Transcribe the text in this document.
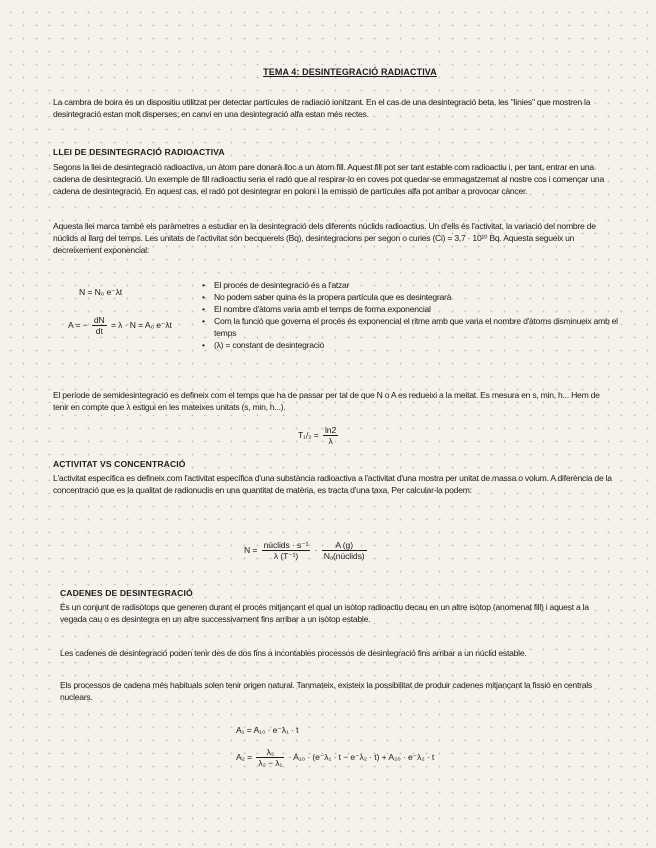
TEMA 4: DESINTEGRACIÓ RADIACTIVA

La cambra de boira és un dispositiu utilitzat per detectar partícules de radiació ionitzant. En el cas de una desintegració beta, les "línies" que mostren la desintegració estan molt disperses; en canvi en una desintegració alfa estan més rectes.

LLEI DE DESINTEGRACIÓ RADIOACTIVA

Segons la llei de desintegració radioactiva, un àtom pare donarà lloc a un àtom fill. Aquest fill pot ser tant estable com radioactiu i, per tant, entrar en una cadena de desintegració. Un exemple de fill radioactiu seria el radó que al respirar-lo en coves pot quedar-se emmagatzemat al nostre cos i començar una cadena de desintegració. En aquest cas, el radó pot desintegrar en poloni i la emissió de partícules alfa pot arribar a provocar càncer.

Aquesta llei marca també els paràmetres a estudiar en la desintegració dels diferents núclids radioactius. Un d'ells és l'activitat, la variació del nombre de núclids al llarg del temps. Les unitats de l'activitat són becquerels (Bq), desintegracions per segon o curies (Ci) = 3,7 · 10¹⁰ Bq. Aquesta segueix un decreixement exponencial:

N = N₀ e⁻λt
A = − $\frac{dN}{dt} = \lambda \cdot N = A_0$ e⁻λt
• El procés de desintegració és a l'atzar
• No podem saber quina és la propera partícula que es desintegrarà
• El nombre d'àtoms varia amb el temps de forma exponencial
• Com la funció que governa el procés és exponencial el ritme amb que varia el nombre d'àtoms disminueix amb el temps
• (λ) = constant de desintegració

El període de semidesintegració es defineix com el temps que ha de passar per tal de que N o A es redueixi a la meitat. Es mesura en s, min, h... Hem de tenir en compte que λ estigui en les mateixes unitats (s, min, h...).

$T_1/_2 = \frac{\ln 2}{\lambda}$
ACTIVITAT VS CONCENTRACIÓ

L'activitat específica es defineix com l'activitat específica d'una substància radioactiva a l'activitat d'una mostra per unitat de massa o volum. A diferència de la concentració que es la qualitat de radionuclis en una quantitat de matèria, es tracta d'una taxa. Per calcular-la podem:

$N = \frac{\text{núclids · s⁻¹}}{\text{λ (T⁻¹)}} \cdot \frac{A (g)}{\text{Nₐ(núclids)}}$
CADENES DE DESINTEGRACIÓ

És un conjunt de radisòtops que generen durant el procés mitjançant el qual un isòtop radioactiu decau en un altre isòtop (anomenat fill) i aquest a la vegada cau o es desintegra en un altre successivament fins arribar a un isòtop estable.

Les cadenes de desintegració poden tenir des de dos fins a incontables processos de desintegració fins arribar a un núclid estable.

Els processos de cadena més habituals solen tenir origen natural. Tanmateix, existeix la possibilitat de produir cadenes mitjançant la fissió en centrals nuclears.

A₁ = A₁₀ · e⁻λ₁ · t
$A_2 = \frac{\text{λ₂}}{\text{λ₂ − λ₁}} \cdot A_{10} \cdot (e^-\lambda_1 \cdot t - e^-\lambda_2 \cdot t) + A_{20} \cdot e^-\lambda_2 \cdot t$
